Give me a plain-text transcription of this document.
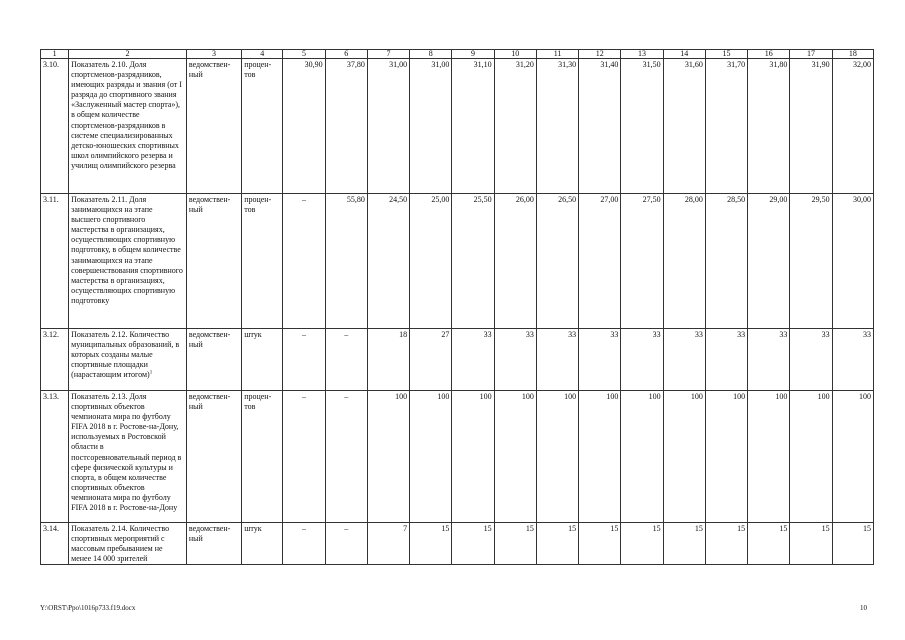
1	2	3	4	5	6	7	8	9	10	11	12	13	14	15	16	17	18
3.10.	Показатель 2.10. Доля спортсменов-разрядников, имеющих разряды и звания (от I разряда до спортивного звания «Заслуженный мастер спорта»), в общем количестве спортсменов-разрядников в системе специализированных детско-юношеских спортивных школ олимпийского резерва и училищ олимпийского резерва	ведомствен-ный	процен-тов	30,90	37,80	31,00	31,00	31,10	31,20	31,30	31,40	31,50	31,60	31,70	31,80	31,90	32,00
3.11.	Показатель 2.11. Доля занимающихся на этапе высшего спортивного мастерства в организациях, осуществляющих спортивную подготовку, в общем количестве занимающихся на этапе совершенствования спортивного мастерства в организациях, осуществляющих спортивную подготовку	ведомствен-ный	процен-тов	–	55,80	24,50	25,00	25,50	26,00	26,50	27,00	27,50	28,00	28,50	29,00	29,50	30,00
3.12.	Показатель 2.12. Количество муниципальных образований, в которых созданы малые спортивные площадки (нарастающим итогом)$^1$	ведомствен-ный	штук	–	–	18	27	33	33	33	33	33	33	33	33	33	33
3.13.	Показатель 2.13. Доля спортивных объектов чемпионата мира по футболу FIFA 2018 в г. Ростове-на-Дону, используемых в Ростовской области в постсоревновательный период в сфере физической культуры и спорта, в общем количестве спортивных объектов чемпионата мира по футболу FIFA 2018 в г. Ростове-на-Дону	ведомствен-ный	процен-тов	–	–	100	100	100	100	100	100	100	100	100	100	100	100
3.14.	Показатель 2.14. Количество спортивных мероприятий с массовым пребыванием не менее 14 000 зрителей	ведомствен-ный	штук	–	–	7	15	15	15	15	15	15	15	15	15	15	15
Y:\ORST\Ppo\1016p733.f19.docx	10
